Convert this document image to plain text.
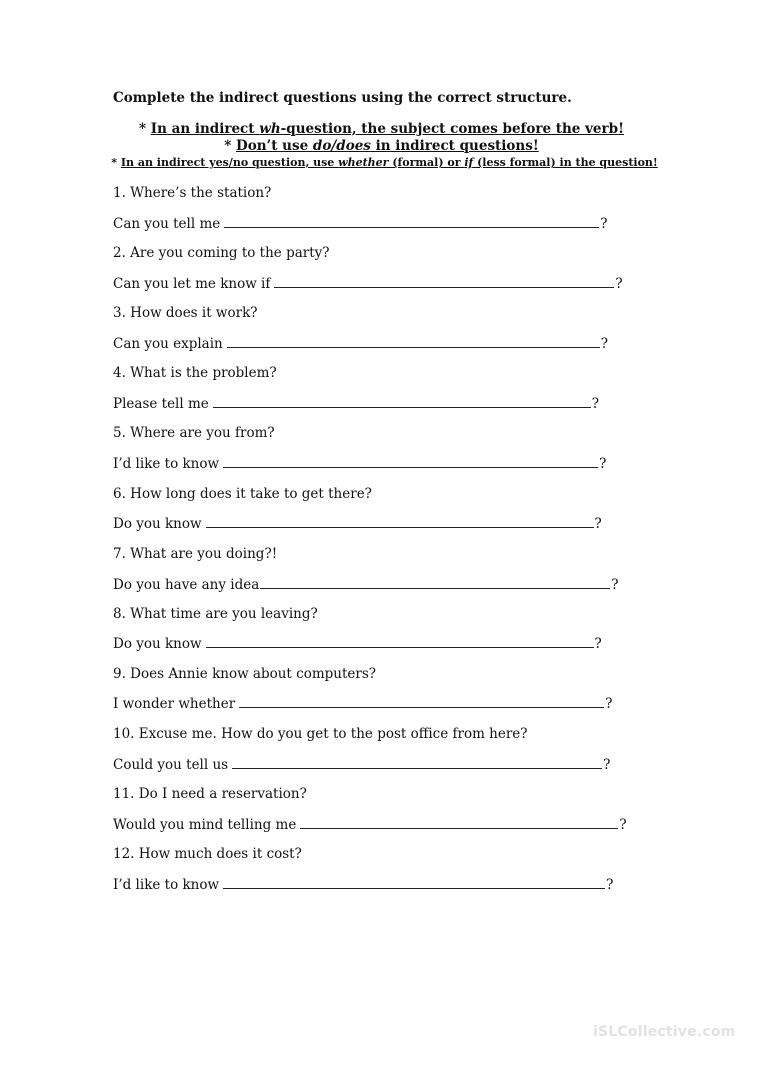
Complete the indirect questions using the correct structure.
* In an indirect wh-question, the subject comes before the verb!
* Don’t use do/does in indirect questions!
* In an indirect yes/no question, use whether (formal) or if (less formal) in the question!
1. Where’s the station?
Can you tell me	?
2. Are you coming to the party?
Can you let me know if	?
3. How does it work?
Can you explain	?
4. What is the problem?
Please tell me	?
5. Where are you from?
I’d like to know	?
6. How long does it take to get there?
Do you know	?
7. What are you doing?!
Do you have any idea	?
8. What time are you leaving?
Do you know	?
9. Does Annie know about computers?
I wonder whether	?
10. Excuse me. How do you get to the post office from here?
Could you tell us	?
11. Do I need a reservation?
Would you mind telling me	?
12. How much does it cost?
I’d like to know	?
iSLCollective.com
